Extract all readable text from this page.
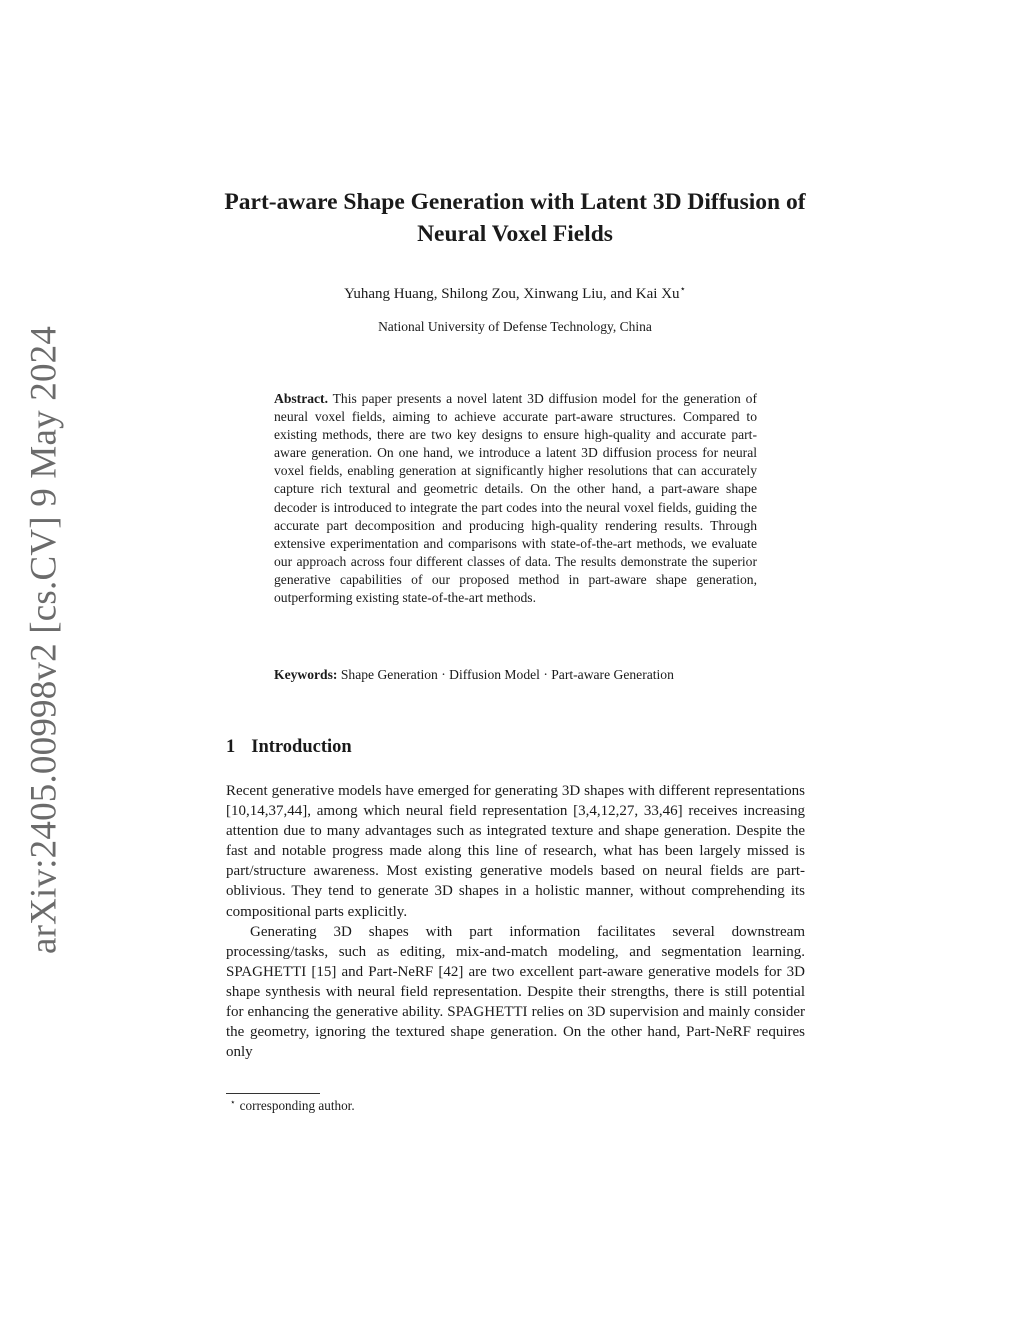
arXiv:2405.00998v2 [cs.CV] 9 May 2024
Part-aware Shape Generation with Latent 3D Diffusion of Neural Voxel Fields
Yuhang Huang, Shilong Zou, Xinwang Liu, and Kai Xu⋆
National University of Defense Technology, China
Abstract. This paper presents a novel latent 3D diffusion model for the generation of neural voxel fields, aiming to achieve accurate part-aware structures. Compared to existing methods, there are two key designs to ensure high-quality and accurate part-aware generation. On one hand, we introduce a latent 3D diffusion process for neural voxel fields, enabling generation at significantly higher resolutions that can accurately capture rich textural and geometric details. On the other hand, a part-aware shape decoder is introduced to integrate the part codes into the neural voxel fields, guiding the accurate part decomposition and producing high-quality rendering results. Through extensive experimentation and comparisons with state-of-the-art methods, we evaluate our approach across four different classes of data. The results demonstrate the superior generative capabilities of our proposed method in part-aware shape generation, outperforming existing state-of-the-art methods.
Keywords: Shape Generation · Diffusion Model · Part-aware Generation
1 Introduction

Recent generative models have emerged for generating 3D shapes with different representations [10,14,37,44], among which neural field representation [3,4,12,27, 33,46] receives increasing attention due to many advantages such as integrated texture and shape generation. Despite the fast and notable progress made along this line of research, what has been largely missed is part/structure awareness. Most existing generative models based on neural fields are part-oblivious. They tend to generate 3D shapes in a holistic manner, without comprehending its compositional parts explicitly.

Generating 3D shapes with part information facilitates several downstream processing/tasks, such as editing, mix-and-match modeling, and segmentation learning. SPAGHETTI [15] and Part-NeRF [42] are two excellent part-aware generative models for 3D shape synthesis with neural field representation. Despite their strengths, there is still potential for enhancing the generative ability. SPAGHETTI relies on 3D supervision and mainly consider the geometry, ignoring the textured shape generation. On the other hand, Part-NeRF requires only

⋆ corresponding author.
